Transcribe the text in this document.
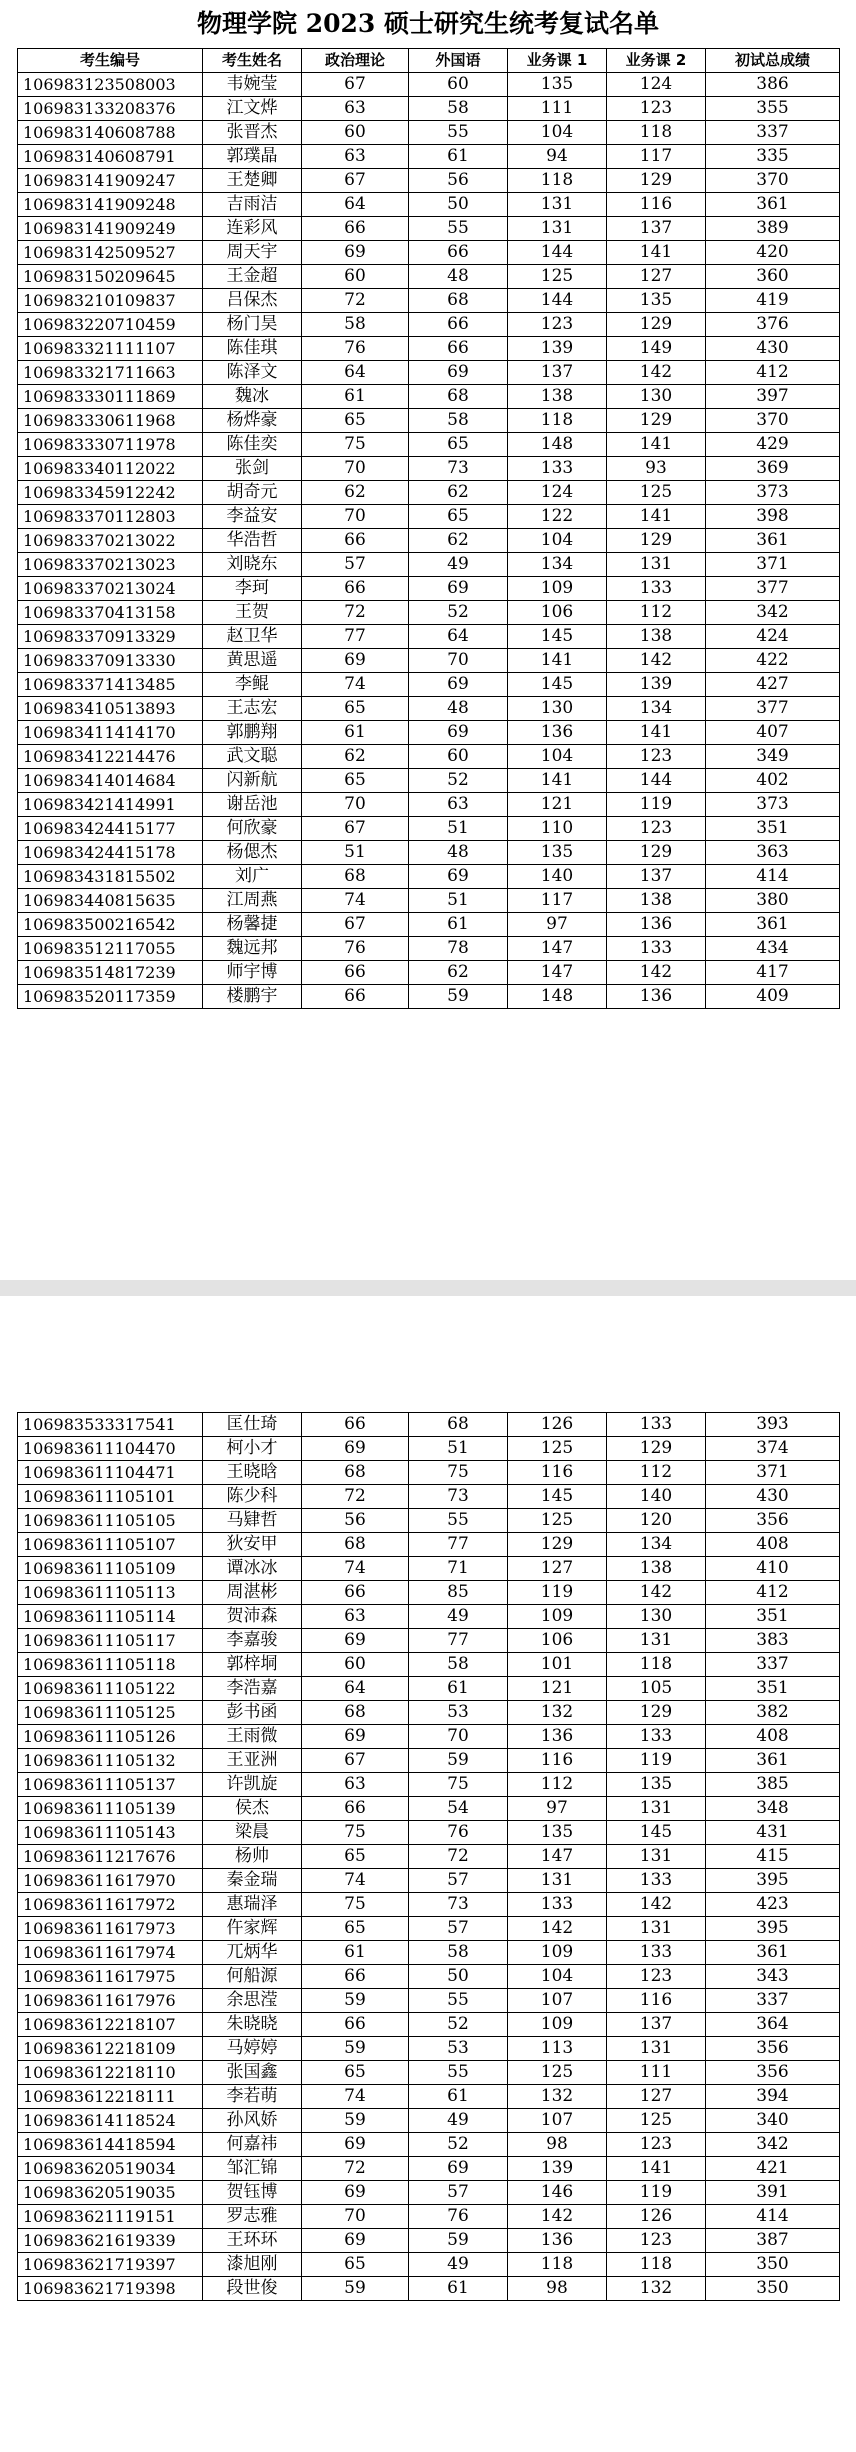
物理学院 2023 硕士研究生统考复试名单
考生编号	考生姓名	政治理论	外国语	业务课 1	业务课 2	初试总成绩
106983123508003	韦婉莹	67	60	135	124	386
106983133208376	江文烨	63	58	111	123	355
106983140608788	张晋杰	60	55	104	118	337
106983140608791	郭璞晶	63	61	94	117	335
106983141909247	王楚卿	67	56	118	129	370
106983141909248	吉雨洁	64	50	131	116	361
106983141909249	连彩风	66	55	131	137	389
106983142509527	周天宇	69	66	144	141	420
106983150209645	王金超	60	48	125	127	360
106983210109837	吕保杰	72	68	144	135	419
106983220710459	杨门昊	58	66	123	129	376
106983321111107	陈佳琪	76	66	139	149	430
106983321711663	陈泽文	64	69	137	142	412
106983330111869	魏冰	61	68	138	130	397
106983330611968	杨烨豪	65	58	118	129	370
106983330711978	陈佳奕	75	65	148	141	429
106983340112022	张剑	70	73	133	93	369
106983345912242	胡奇元	62	62	124	125	373
106983370112803	李益安	70	65	122	141	398
106983370213022	华浩哲	66	62	104	129	361
106983370213023	刘晓东	57	49	134	131	371
106983370213024	李珂	66	69	109	133	377
106983370413158	王贺	72	52	106	112	342
106983370913329	赵卫华	77	64	145	138	424
106983370913330	黄思遥	69	70	141	142	422
106983371413485	李鲲	74	69	145	139	427
106983410513893	王志宏	65	48	130	134	377
106983411414170	郭鹏翔	61	69	136	141	407
106983412214476	武文聪	62	60	104	123	349
106983414014684	闪新航	65	52	141	144	402
106983421414991	谢岳池	70	63	121	119	373
106983424415177	何欣豪	67	51	110	123	351
106983424415178	杨偲杰	51	48	135	129	363
106983431815502	刘广	68	69	140	137	414
106983440815635	江周燕	74	51	117	138	380
106983500216542	杨馨捷	67	61	97	136	361
106983512117055	魏远邦	76	78	147	133	434
106983514817239	师宇博	66	62	147	142	417
106983520117359	楼鹏宇	66	59	148	136	409
106983533317541	匡仕琦	66	68	126	133	393
106983611104470	柯小才	69	51	125	129	374
106983611104471	王晓晗	68	75	116	112	371
106983611105101	陈少科	72	73	145	140	430
106983611105105	马肄哲	56	55	125	120	356
106983611105107	狄安甲	68	77	129	134	408
106983611105109	谭冰冰	74	71	127	138	410
106983611105113	周湛彬	66	85	119	142	412
106983611105114	贺沛森	63	49	109	130	351
106983611105117	李嘉骏	69	77	106	131	383
106983611105118	郭梓垌	60	58	101	118	337
106983611105122	李浩嘉	64	61	121	105	351
106983611105125	彭书函	68	53	132	129	382
106983611105126	王雨微	69	70	136	133	408
106983611105132	王亚洲	67	59	116	119	361
106983611105137	许凯旋	63	75	112	135	385
106983611105139	侯杰	66	54	97	131	348
106983611105143	梁晨	75	76	135	145	431
106983611217676	杨帅	65	72	147	131	415
106983611617970	秦金瑞	74	57	131	133	395
106983611617972	惠瑞泽	75	73	133	142	423
106983611617973	仵家辉	65	57	142	131	395
106983611617974	兀炳华	61	58	109	133	361
106983611617975	何船源	66	50	104	123	343
106983611617976	余思滢	59	55	107	116	337
106983612218107	朱晓晓	66	52	109	137	364
106983612218109	马婷婷	59	53	113	131	356
106983612218110	张国鑫	65	55	125	111	356
106983612218111	李若萌	74	61	132	127	394
106983614118524	孙风娇	59	49	107	125	340
106983614418594	何嘉祎	69	52	98	123	342
106983620519034	邹汇锦	72	69	139	141	421
106983620519035	贺钰博	69	57	146	119	391
106983621119151	罗志雅	70	76	142	126	414
106983621619339	王环环	69	59	136	123	387
106983621719397	漆旭刚	65	49	118	118	350
106983621719398	段世俊	59	61	98	132	350
